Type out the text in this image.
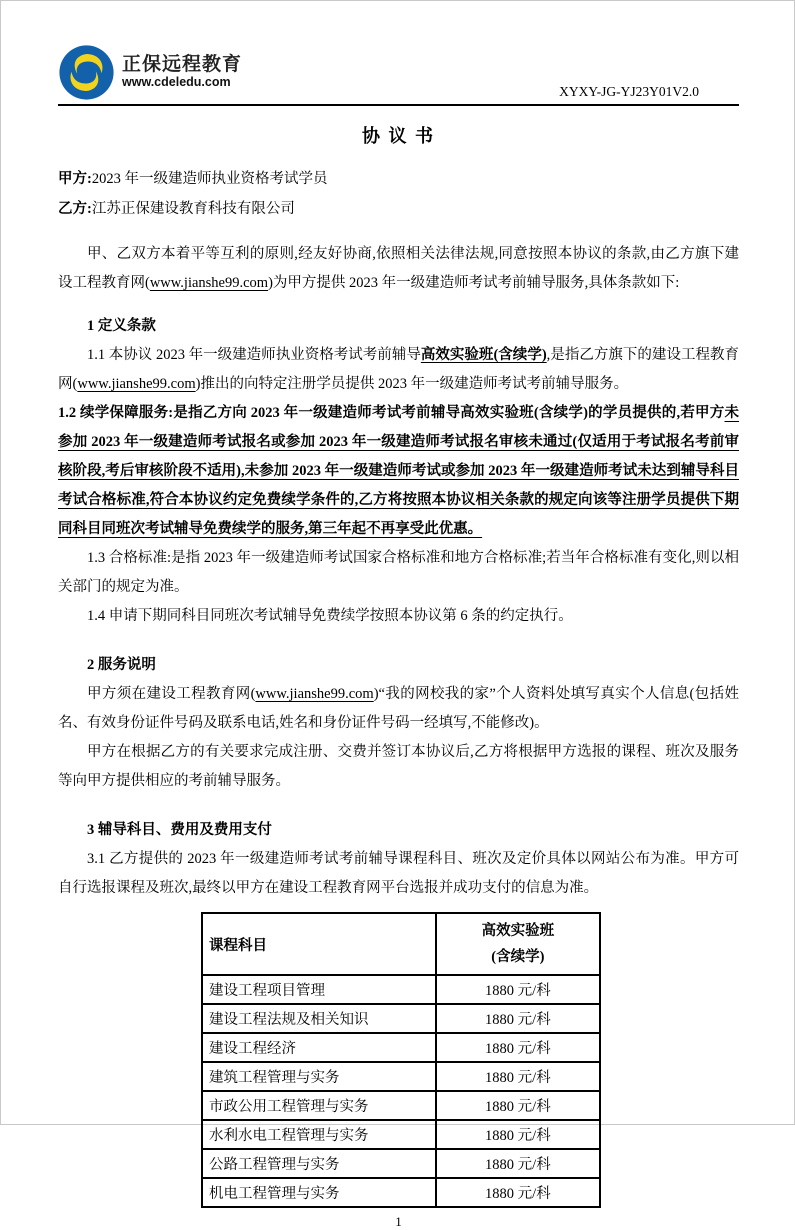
正保远程教育
www.cdeledu.com
XYXY-JG-YJ23Y01V2.0
协 议 书
甲方:2023 年一级建造师执业资格考试学员
乙方:江苏正保建设教育科技有限公司
甲、乙双方本着平等互利的原则,经友好协商,依照相关法律法规,同意按照本协议的条款,由乙方旗下建设工程教育网(www.jianshe99.com)为甲方提供 2023 年一级建造师考试考前辅导服务,具体条款如下:
1 定义条款
1.1 本协议 2023 年一级建造师执业资格考试考前辅导高效实验班(含续学),是指乙方旗下的建设工程教育网(www.jianshe99.com)推出的向特定注册学员提供 2023 年一级建造师考试考前辅导服务。
1.2 续学保障服务:是指乙方向 2023 年一级建造师考试考前辅导高效实验班(含续学)的学员提供的,若甲方未参加 2023 年一级建造师考试报名或参加 2023 年一级建造师考试报名审核未通过(仅适用于考试报名考前审核阶段,考后审核阶段不适用),未参加 2023 年一级建造师考试或参加 2023 年一级建造师考试未达到辅导科目考试合格标准,符合本协议约定免费续学条件的,乙方将按照本协议相关条款的规定向该等注册学员提供下期同科目同班次考试辅导免费续学的服务,第三年起不再享受此优惠。
1.3 合格标准:是指 2023 年一级建造师考试国家合格标准和地方合格标准;若当年合格标准有变化,则以相关部门的规定为准。
1.4 申请下期同科目同班次考试辅导免费续学按照本协议第 6 条的约定执行。
2 服务说明
甲方须在建设工程教育网(www.jianshe99.com)“我的网校我的家”个人资料处填写真实个人信息(包括姓名、有效身份证件号码及联系电话,姓名和身份证件号码一经填写,不能修改)。
甲方在根据乙方的有关要求完成注册、交费并签订本协议后,乙方将根据甲方选报的课程、班次及服务等向甲方提供相应的考前辅导服务。
3 辅导科目、费用及费用支付
3.1 乙方提供的 2023 年一级建造师考试考前辅导课程科目、班次及定价具体以网站公布为准。甲方可自行选报课程及班次,最终以甲方在建设工程教育网平台选报并成功支付的信息为准。
课程科目	高效实验班
(含续学)

建设工程项目管理	1880 元/科
建设工程法规及相关知识	1880 元/科
建设工程经济	1880 元/科
建筑工程管理与实务	1880 元/科
市政公用工程管理与实务	1880 元/科
水利水电工程管理与实务	1880 元/科
公路工程管理与实务	1880 元/科
机电工程管理与实务	1880 元/科
1
